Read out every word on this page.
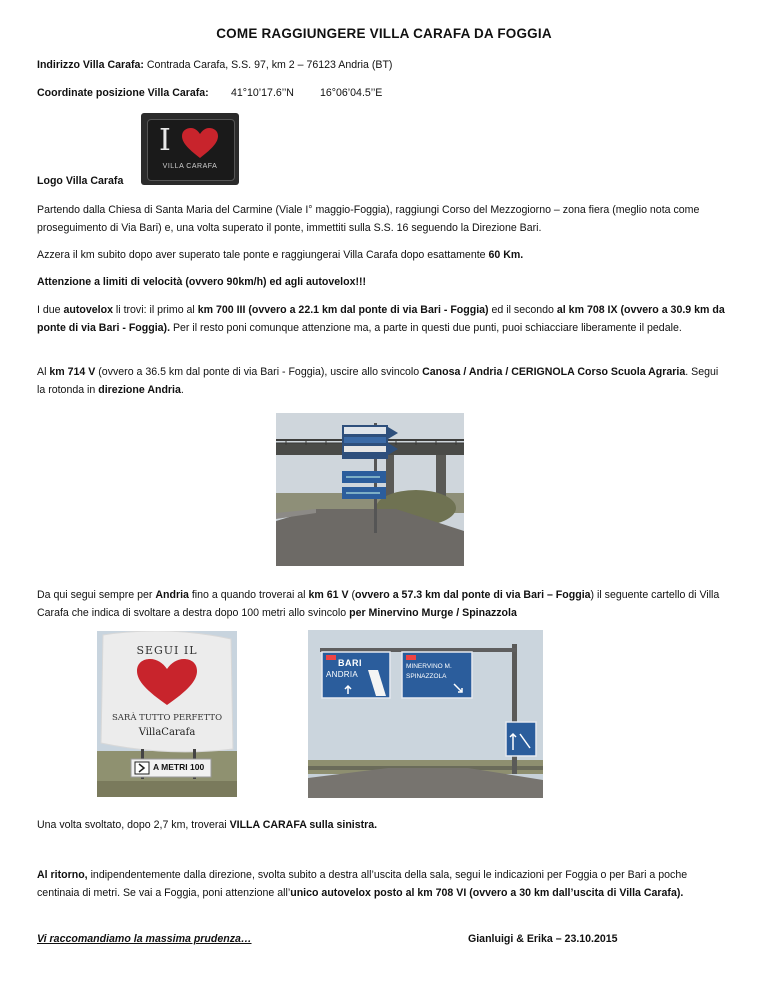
COME RAGGIUNGERE VILLA CARAFA DA FOGGIA
Indirizzo Villa Carafa: Contrada Carafa, S.S. 97, km 2 – 76123 Andria (BT)
Coordinate posizione Villa Carafa: 41°10’17.6’’N 16°06’04.5’’E
I
VILLA CARAFA
Logo Villa Carafa
Partendo dalla Chiesa di Santa Maria del Carmine (Viale I° maggio-Foggia), raggiungi Corso del Mezzogiorno – zona fiera (meglio nota come proseguimento di Via Bari) e, una volta superato il ponte, immettiti sulla S.S. 16 seguendo la Direzione Bari.
Azzera il km subito dopo aver superato tale ponte e raggiungerai Villa Carafa dopo esattamente 60 Km.
Attenzione a limiti di velocità (ovvero 90km/h) ed agli autovelox!!!
I due autovelox li trovi: il primo al km 700 III (ovvero a 22.1 km dal ponte di via Bari - Foggia) ed il secondo al km 708 IX (ovvero a 30.9 km da ponte di via Bari - Foggia). Per il resto poni comunque attenzione ma, a parte in questi due punti, puoi schiacciare liberamente il pedale.
Al km 714 V (ovvero a 36.5 km dal ponte di via Bari - Foggia), uscire allo svincolo Canosa / Andria / CERIGNOLA Corso Scuola Agraria. Segui la rotonda in direzione Andria.
Da qui segui sempre per Andria fino a quando troverai al km 61 V (ovvero a 57.3 km dal ponte di via Bari – Foggia) il seguente cartello di Villa Carafa che indica di svoltare a destra dopo 100 metri allo svincolo per Minervino Murge / Spinazzola
SEGUI IL
SARÀ TUTTO PERFETTO
VillaCarafa
A METRI 100
BARI
ANDRIA
MINERVINO M.
SPINAZZOLA
Una volta svoltato, dopo 2,7 km, troverai VILLA CARAFA sulla sinistra.
Al ritorno, indipendentemente dalla direzione, svolta subito a destra all’uscita della sala, segui le indicazioni per Foggia o per Bari a poche centinaia di metri. Se vai a Foggia, poni attenzione all’unico autovelox posto al km 708 VI (ovvero a 30 km dall’uscita di Villa Carafa).
Vi raccomandiamo la massima prudenza…	Gianluigi & Erika – 23.10.2015
